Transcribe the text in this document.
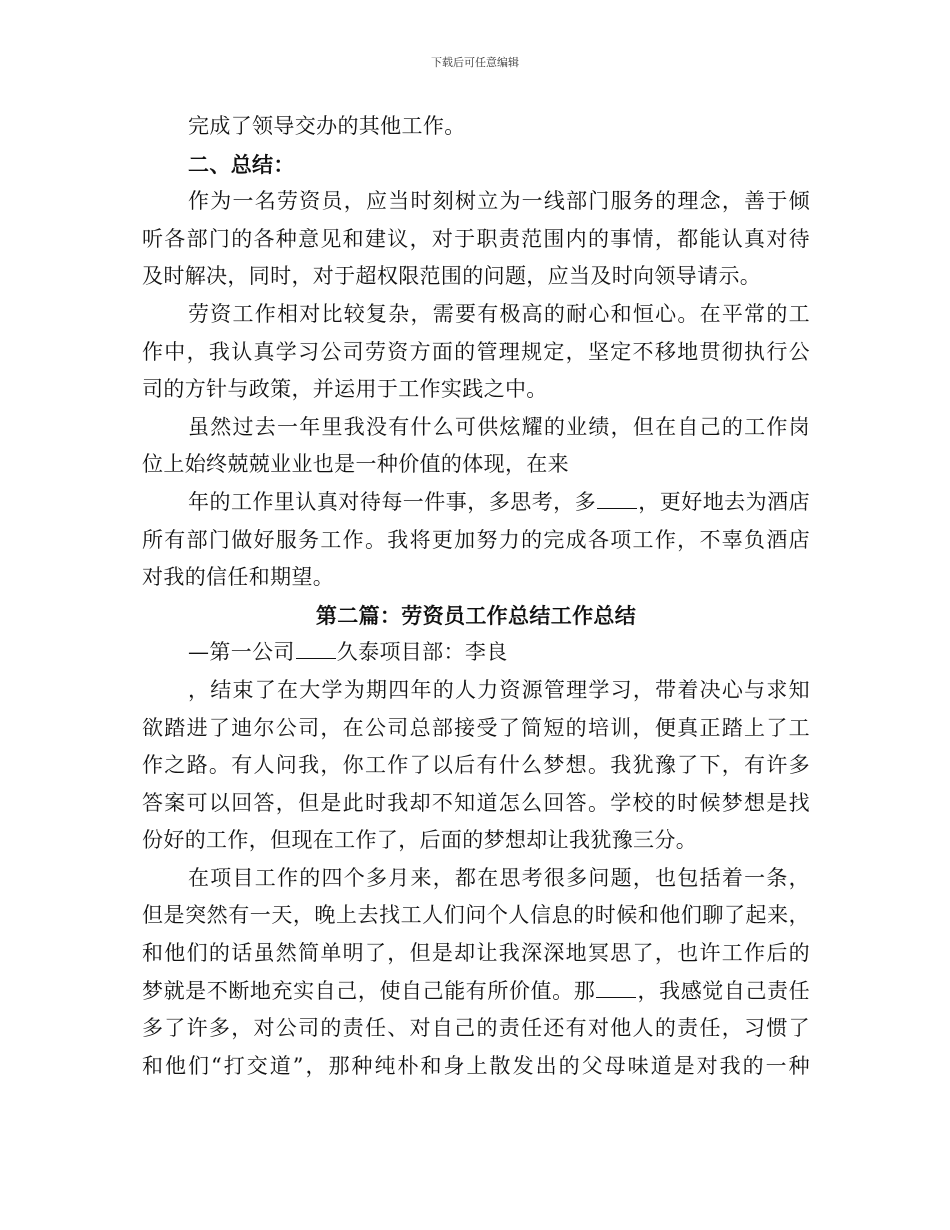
下载后可任意编辑
完成了领导交办的其他工作。
二、总结：
作为一名劳资员，应当时刻树立为一线部门服务的理念，善于倾
听各部门的各种意见和建议，对于职责范围内的事情，都能认真对待
及时解决，同时，对于超权限范围的问题，应当及时向领导请示。
劳资工作相对比较复杂，需要有极高的耐心和恒心。在平常的工
作中，我认真学习公司劳资方面的管理规定，坚定不移地贯彻执行公
司的方针与政策，并运用于工作实践之中。
虽然过去一年里我没有什么可供炫耀的业绩，但在自己的工作岗
位上始终兢兢业业也是一种价值的体现，在来
年的工作里认真对待每一件事，多思考，多 ，更好地去为酒店
所有部门做好服务工作。我将更加努力的完成各项工作，不辜负酒店
对我的信任和期望。
第二篇：劳资员工作总结工作总结
—第一公司 久泰项目部：李良
，结束了在大学为期四年的人力资源管理学习，带着决心与求知
欲踏进了迪尔公司，在公司总部接受了简短的培训，便真正踏上了工
作之路。有人问我，你工作了以后有什么梦想。我犹豫了下，有许多
答案可以回答，但是此时我却不知道怎么回答。学校的时候梦想是找
份好的工作，但现在工作了，后面的梦想却让我犹豫三分。
在项目工作的四个多月来，都在思考很多问题，也包括着一条，
但是突然有一天，晚上去找工人们问个人信息的时候和他们聊了起来，
和他们的话虽然简单明了，但是却让我深深地冥思了，也许工作后的
梦就是不断地充实自己，使自己能有所价值。那 ，我感觉自己责任
多了许多，对公司的责任、对自己的责任还有对他人的责任，习惯了
和他们“打交道”，那种纯朴和身上散发出的父母味道是对我的一种
